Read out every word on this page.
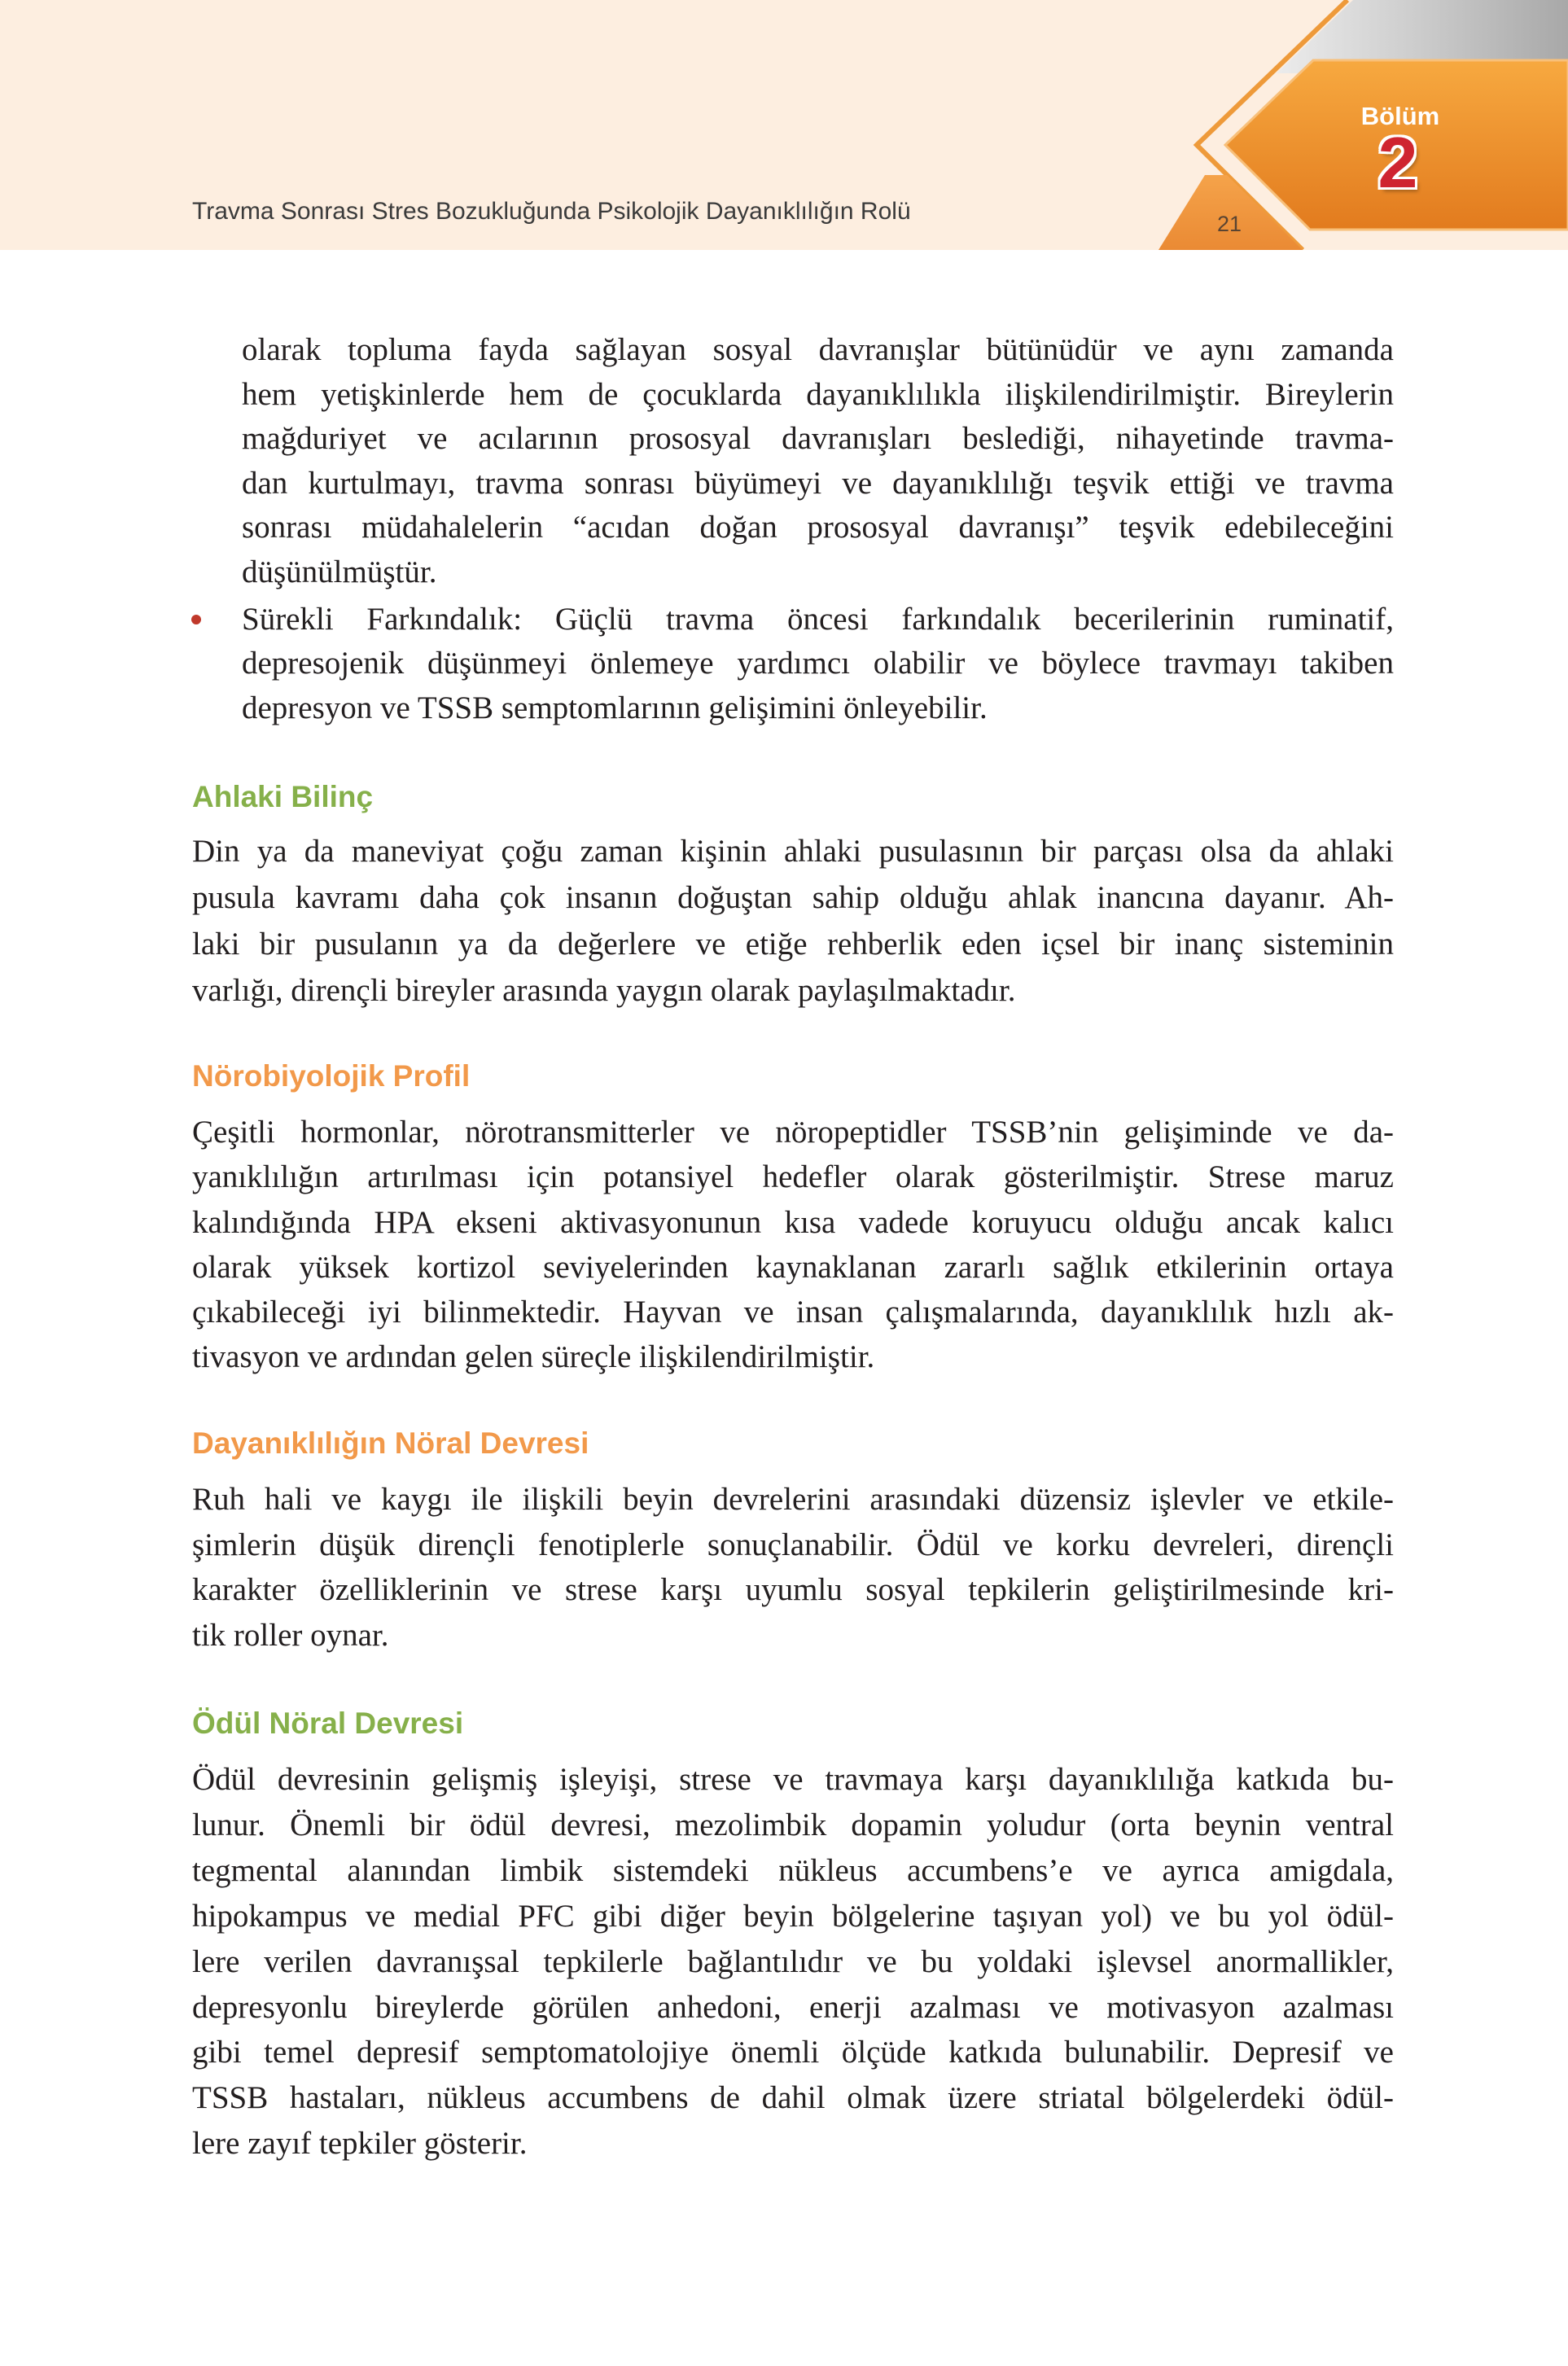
Travma Sonrası Stres Bozukluğunda Psikolojik Dayanıklılığın Rolü	21
Bölüm
2
olarak topluma fayda sağlayan sosyal davranışlar bütünüdür ve aynı zamanda
hem yetişkinlerde hem de çocuklarda dayanıklılıkla ilişkilendirilmiştir. Bireylerin
mağduriyet ve acılarının prososyal davranışları beslediği, nihayetinde travma-
dan kurtulmayı, travma sonrası büyümeyi ve dayanıklılığı teşvik ettiği ve travma
sonrası müdahalelerin “acıdan doğan prososyal davranışı” teşvik edebileceğini
düşünülmüştür.
Sürekli Farkındalık: Güçlü travma öncesi farkındalık becerilerinin ruminatif,
depresojenik düşünmeyi önlemeye yardımcı olabilir ve böylece travmayı takiben
depresyon ve TSSB semptomlarının gelişimini önleyebilir.
Ahlaki Bilinç
Din ya da maneviyat çoğu zaman kişinin ahlaki pusulasının bir parçası olsa da ahlaki
pusula kavramı daha çok insanın doğuştan sahip olduğu ahlak inancına dayanır. Ah-
laki bir pusulanın ya da değerlere ve etiğe rehberlik eden içsel bir inanç sisteminin
varlığı, dirençli bireyler arasında yaygın olarak paylaşılmaktadır.
Nörobiyolojik Profil
Çeşitli hormonlar, nörotransmitterler ve nöropeptidler TSSB’nin gelişiminde ve da-
yanıklılığın artırılması için potansiyel hedefler olarak gösterilmiştir. Strese maruz
kalındığında HPA ekseni aktivasyonunun kısa vadede koruyucu olduğu ancak kalıcı
olarak yüksek kortizol seviyelerinden kaynaklanan zararlı sağlık etkilerinin ortaya
çıkabileceği iyi bilinmektedir. Hayvan ve insan çalışmalarında, dayanıklılık hızlı ak-
tivasyon ve ardından gelen süreçle ilişkilendirilmiştir.
Dayanıklılığın Nöral Devresi
Ruh hali ve kaygı ile ilişkili beyin devrelerini arasındaki düzensiz işlevler ve etkile-
şimlerin düşük dirençli fenotiplerle sonuçlanabilir. Ödül ve korku devreleri, dirençli
karakter özelliklerinin ve strese karşı uyumlu sosyal tepkilerin geliştirilmesinde kri-
tik roller oynar.
Ödül Nöral Devresi
Ödül devresinin gelişmiş işleyişi, strese ve travmaya karşı dayanıklılığa katkıda bu-
lunur. Önemli bir ödül devresi, mezolimbik dopamin yoludur (orta beynin ventral
tegmental alanından limbik sistemdeki nükleus accumbens’e ve ayrıca amigdala,
hipokampus ve medial PFC gibi diğer beyin bölgelerine taşıyan yol) ve bu yol ödül-
lere verilen davranışsal tepkilerle bağlantılıdır ve bu yoldaki işlevsel anormallikler,
depresyonlu bireylerde görülen anhedoni, enerji azalması ve motivasyon azalması
gibi temel depresif semptomatolojiye önemli ölçüde katkıda bulunabilir. Depresif ve
TSSB hastaları, nükleus accumbens de dahil olmak üzere striatal bölgelerdeki ödül-
lere zayıf tepkiler gösterir.
